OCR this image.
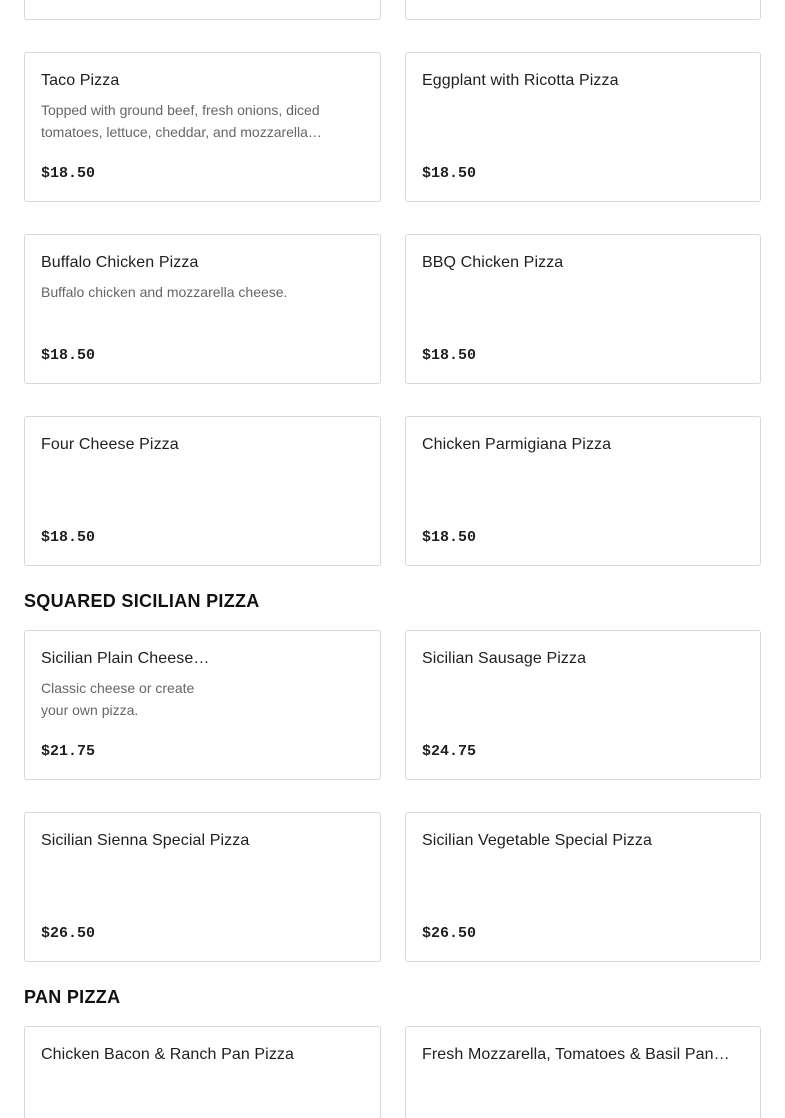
Taco Pizza
Topped with ground beef, fresh onions, diced tomatoes, lettuce, cheddar, and mozzarella…
$18.50
Eggplant with Ricotta Pizza
$18.50
Buffalo Chicken Pizza
Buffalo chicken and mozzarella cheese.
$18.50
BBQ Chicken Pizza
$18.50
Four Cheese Pizza
$18.50
Chicken Parmigiana Pizza
$18.50
SQUARED SICILIAN PIZZA
Sicilian Plain Cheese…
Classic cheese or create your own pizza.
$21.75
Sicilian Sausage Pizza
$24.75
Sicilian Sienna Special Pizza
$26.50
Sicilian Vegetable Special Pizza
$26.50
PAN PIZZA
Chicken Bacon & Ranch Pan Pizza	Fresh Mozzarella, Tomatoes & Basil Pan…
